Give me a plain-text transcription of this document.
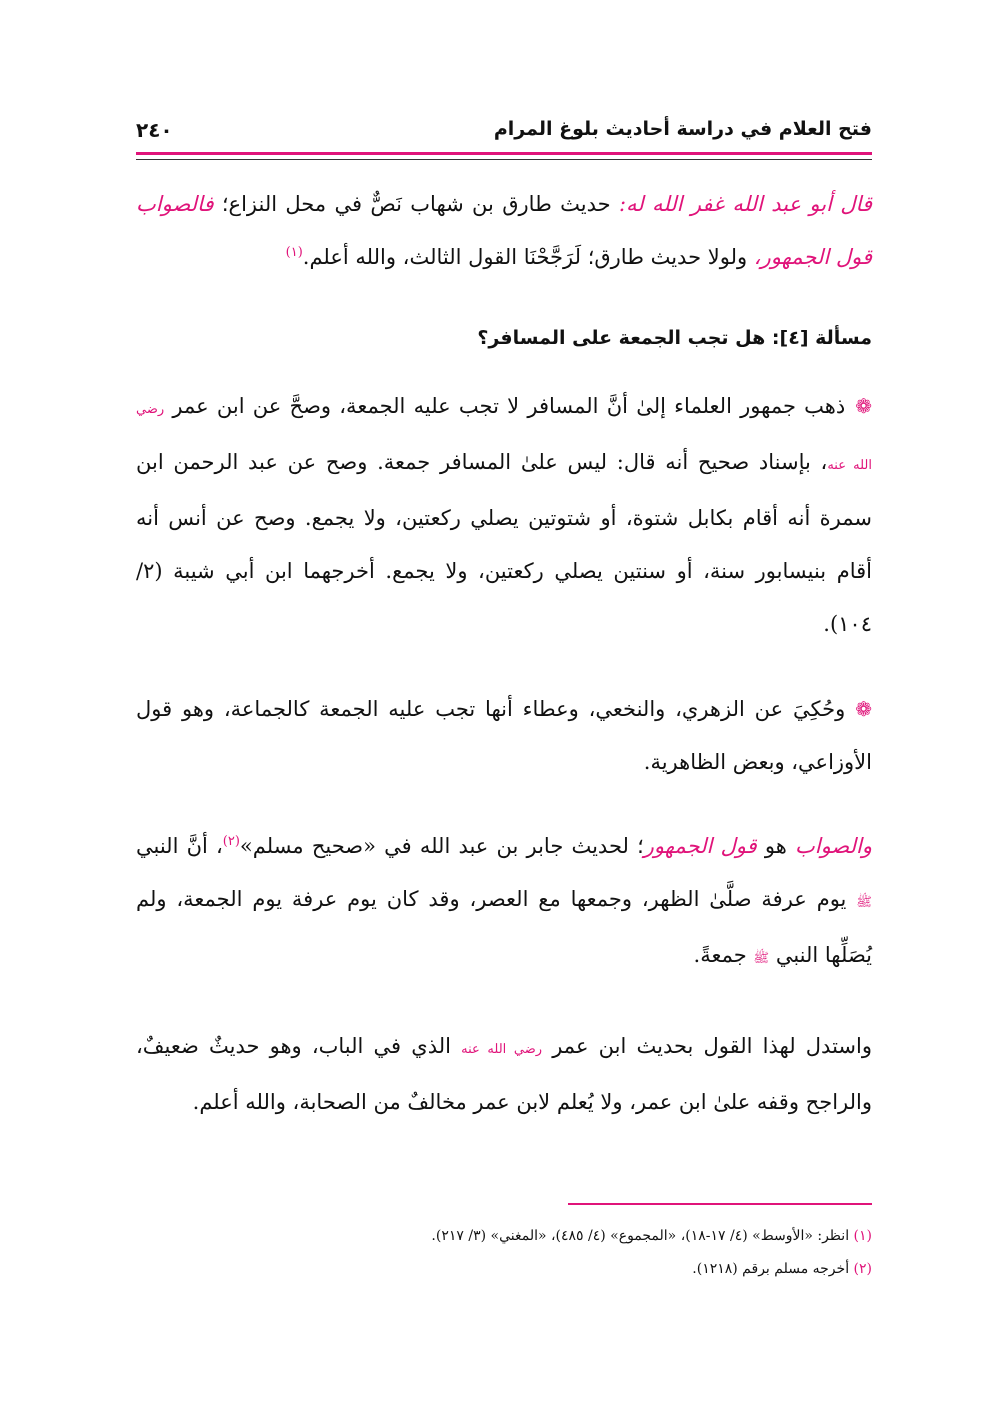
فتح العلام في دراسة أحاديث بلوغ المرام
٢٤٠
قال أبو عبد الله غفر الله له: حديث طارق بن شهاب نَصٌّ في محل النزاع؛ فالصواب قول الجمهور، ولولا حديث طارق؛ لَرَجَّحْنَا القول الثالث، والله أعلم.$^{(١)}$
مسألة [٤]: هل تجب الجمعة على المسافر؟
❁ذهب جمهور العلماء إلىٰ أنَّ المسافر لا تجب عليه الجمعة، وصحَّ عن ابن عمر رضي الله عنه، بإسناد صحيح أنه قال: ليس علىٰ المسافر جمعة. وصح عن عبد الرحمن ابن سمرة أنه أقام بكابل شتوة، أو شتوتين يصلي ركعتين، ولا يجمع. وصح عن أنس أنه أقام بنيسابور سنة، أو سنتين يصلي ركعتين، ولا يجمع. أخرجهما ابن أبي شيبة (٢/ ١٠٤).
❁وحُكِيَ عن الزهري، والنخعي، وعطاء أنها تجب عليه الجمعة كالجماعة، وهو قول الأوزاعي، وبعض الظاهرية.
والصواب هو قول الجمهور؛ لحديث جابر بن عبد الله في «صحيح مسلم»$^{(٢)}$، أنَّ النبي ﷺ يوم عرفة صلَّىٰ الظهر، وجمعها مع العصر، وقد كان يوم عرفة يوم الجمعة، ولم يُصَلِّها النبي ﷺ جمعةً.
واستدل لهذا القول بحديث ابن عمر رضي الله عنه الذي في الباب، وهو حديثٌ ضعيفٌ، والراجح وقفه علىٰ ابن عمر، ولا يُعلم لابن عمر مخالفٌ من الصحابة، والله أعلم.
(١) انظر: «الأوسط» (٤/ ١٧-١٨)، «المجموع» (٤/ ٤٨٥)، «المغني» (٣/ ٢١٧).
(٢) أخرجه مسلم برقم (١٢١٨).
